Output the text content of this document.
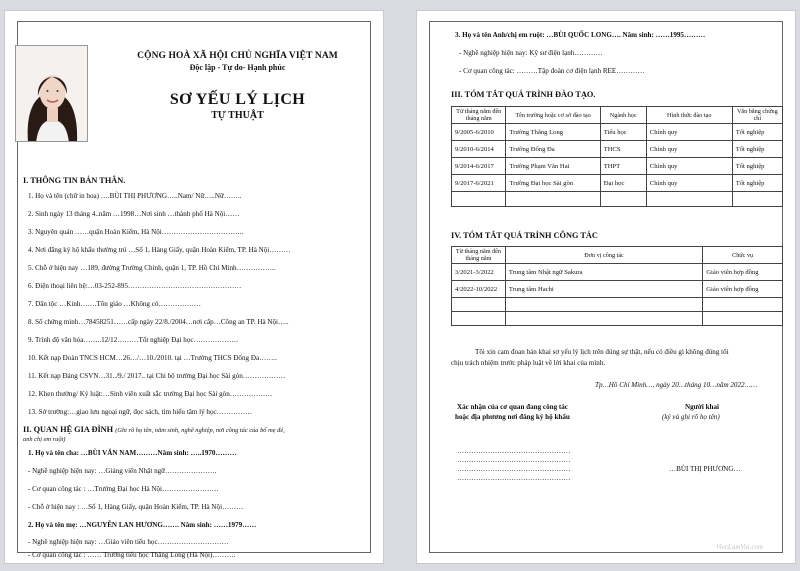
CỘNG HOÀ XÃ HỘI CHỦ NGHĨA VIỆT NAM
Độc lập - Tự do- Hạnh phúc
SƠ YẾU LÝ LỊCH
TỰ THUẬT
I. THÔNG TIN BẢN THÂN.
1. Họ và tên (chữ in hoa) ….BÙI THỊ PHƯƠNG…..Nam/ Nữ…..Nữ……..
2. Sinh ngày 13 tháng 4..năm …1998…Nơi sinh …thành phố Hà Nội……
3. Nguyên quán ……quận Hoàn Kiếm, Hà Nội……………………………..
4. Nơi đăng ký hộ khẩu thường trú …Số 1, Hàng Giấy, quận Hoàn Kiếm, TP. Hà Nội………
5. Chỗ ở hiện nay …189, đường Trường Chinh, quận 1, TP. Hồ Chí Minh……………..
6. Điện thoại liên hệ:…03-252-895…………………………………………
7. Dân tộc …Kinh…….Tôn giáo …Không có………………
8. Số chứng minh…78458251……cấp ngày 22/8./2004…nơi cấp…Công an TP. Hà Nội…..
9. Trình độ văn hóa……..12/12………Tốt nghiệp Đại học……………….
10. Kết nạp Đoàn TNCS HCM…26…/…10./2010. tại …Trường THCS Đống Đa……..
11. Kết nạp Đảng CSVN…31../9./ 2017.. tại Chi bộ trường Đại học Sài gòn………………
12. Khen thưởng/ Kỷ luật:…Sinh viên xuất sắc trường Đại học Sài gòn………………
13. Sở trường:…giao lưu ngoại ngữ, đọc sách, tìm hiểu tâm lý học……………
II. QUAN HỆ GIA ĐÌNH (Ghi rõ họ tên, năm sinh, nghề nghiệp, nơi công tác của bố mẹ đẻ,
anh chị em ruột)
1. Họ và tên cha: …BÙI VĂN NAM………Năm sinh: …..1970………
- Nghề nghiệp hiện nay: …Giảng viên Nhật ngữ………………….
- Cơ quan công tác : …Trường Đại học Hà Nội……………………
- Chỗ ở hiện nay : …Số 1, Hàng Giấy, quận Hoàn Kiếm, TP. Hà Nội………
2. Họ và tên mẹ: …NGUYỄN LAN HƯƠNG……. Năm sinh: ……1979……
- Nghề nghiệp hiện nay: …Giáo viên tiểu học…………………………
- Cơ quan công tác : …… Trường tiểu học Thăng Long (Hà Nội)……….
3. Họ và tên Anh/chị em ruột: …BÙI QUỐC LONG…. Năm sinh: ……1995………
- Nghề nghiệp hiện nay: Kỹ sư điện lạnh…………
- Cơ quan công tác: ………Tập đoàn cơ điện lạnh REE…………
III. TÓM TẮT QUÁ TRÌNH ĐÀO TẠO.
Từ tháng năm đến tháng năm	Tên trường hoặc cơ sở đào tạo	Ngành học	Hình thức đào tạo	Văn bằng chứng chỉ
9/2005-6/2010	Trường Thăng Long	Tiểu học	Chính quy	Tốt nghiệp
9/2010-6/2014	Trường Đống Đa	THCS	Chính quy	Tốt nghiệp
9/2014-6/2017	Trường Phạm Văn Hai	THPT	Chính quy	Tốt nghiệp
9/2017-6/2021	Trường Đại học Sài gòn	Đại học	Chính quy	Tốt nghiệp

IV. TÓM TẮT QUÁ TRÌNH CÔNG TÁC
Từ tháng năm đến tháng năm	Đơn vị công tác	Chức vụ
3/2021-3/2022	Trung tâm Nhật ngữ Sakura	Giáo viên hợp đồng
4/2022-10/2022	Trung tâm Hachi	Giáo viên hợp đồng

Tôi xin cam đoan bản khai sơ yếu lý lịch trên đúng sự thật, nếu có điều gì không đúng tôi
chịu trách nhiệm trước pháp luật về lời khai của mình.
Tp…Hồ Chí Minh…, ngày 20…tháng 10…năm 2022……
Xác nhận của cơ quan đang công tác
hoặc địa phương nơi đăng ký hộ khẩu
Người khai
(ký và ghi rõ họ tên)
…………………………………………
…………………………………………
…………………………………………
…………………………………………
…BÙI THỊ PHƯƠNG…
ViecLamVui.com
